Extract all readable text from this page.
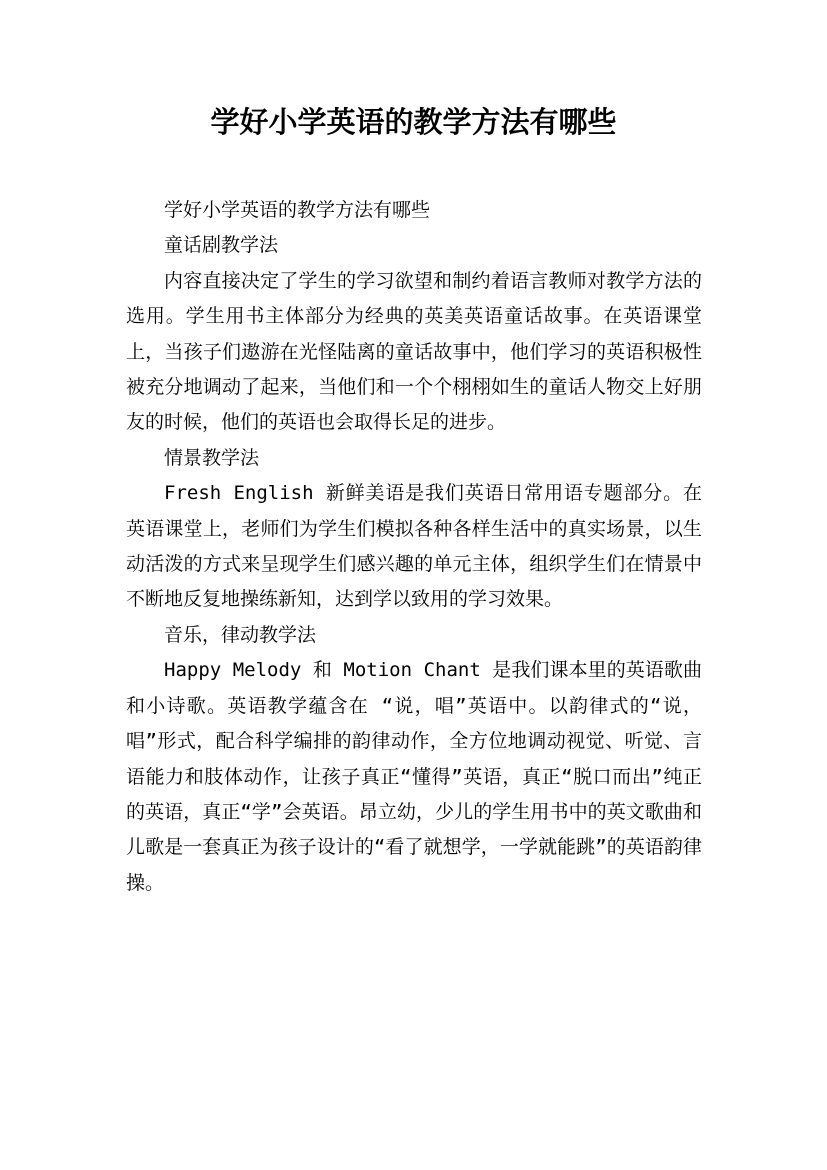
学好小学英语的教学方法有哪些

学好小学英语的教学方法有哪些

童话剧教学法

内容直接决定了学生的学习欲望和制约着语言教师对教学方法的选用。学生用书主体部分为经典的英美英语童话故事。在英语课堂上，当孩子们遨游在光怪陆离的童话故事中，他们学习的英语积极性被充分地调动了起来，当他们和一个个栩栩如生的童话人物交上好朋友的时候，他们的英语也会取得长足的进步。

情景教学法

Fresh English 新鲜美语是我们英语日常用语专题部分。在英语课堂上，老师们为学生们模拟各种各样生活中的真实场景，以生动活泼的方式来呈现学生们感兴趣的单元主体，组织学生们在情景中不断地反复地操练新知，达到学以致用的学习效果。

音乐，律动教学法

Happy Melody 和 Motion Chant 是我们课本里的英语歌曲和小诗歌。英语教学蕴含在 “说，唱”英语中。以韵律式的“说，唱”形式，配合科学编排的韵律动作，全方位地调动视觉、听觉、言语能力和肢体动作，让孩子真正“懂得”英语，真正“脱口而出”纯正的英语，真正“学”会英语。昂立幼，少儿的学生用书中的英文歌曲和儿歌是一套真正为孩子设计的“看了就想学，一学就能跳”的英语韵律操。
